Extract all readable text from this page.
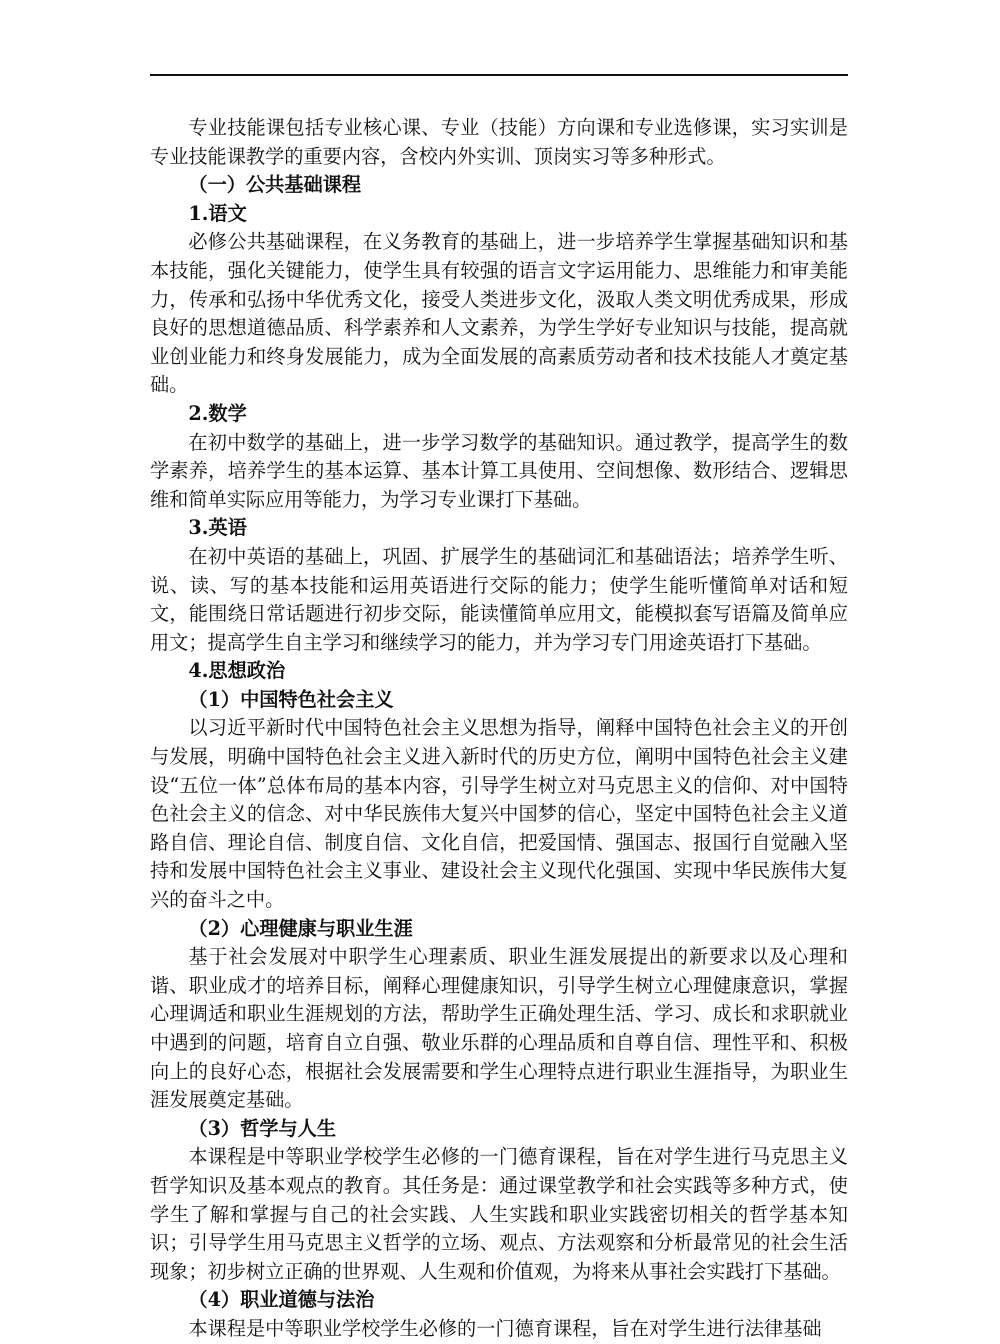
专业技能课包括专业核心课、专业（技能）方向课和专业选修课，实习实训是专业技能课教学的重要内容，含校内外实训、顶岗实习等多种形式。

（一）公共基础课程
1.语文

必修公共基础课程，在义务教育的基础上，进一步培养学生掌握基础知识和基本技能，强化关键能力，使学生具有较强的语言文字运用能力、思维能力和审美能力，传承和弘扬中华优秀文化，接受人类进步文化，汲取人类文明优秀成果，形成良好的思想道德品质、科学素养和人文素养，为学生学好专业知识与技能，提高就业创业能力和终身发展能力，成为全面发展的高素质劳动者和技术技能人才奠定基础。

2.数学

在初中数学的基础上，进一步学习数学的基础知识。通过教学，提高学生的数学素养，培养学生的基本运算、基本计算工具使用、空间想像、数形结合、逻辑思维和简单实际应用等能力，为学习专业课打下基础。

3.英语

在初中英语的基础上，巩固、扩展学生的基础词汇和基础语法；培养学生听、说、读、写的基本技能和运用英语进行交际的能力；使学生能听懂简单对话和短文，能围绕日常话题进行初步交际，能读懂简单应用文，能模拟套写语篇及简单应用文；提高学生自主学习和继续学习的能力，并为学习专门用途英语打下基础。

4.思想政治
（1）中国特色社会主义

以习近平新时代中国特色社会主义思想为指导，阐释中国特色社会主义的开创与发展，明确中国特色社会主义进入新时代的历史方位，阐明中国特色社会主义建设“五位一体”总体布局的基本内容，引导学生树立对马克思主义的信仰、对中国特色社会主义的信念、对中华民族伟大复兴中国梦的信心，坚定中国特色社会主义道路自信、理论自信、制度自信、文化自信，把爱国情、强国志、报国行自觉融入坚持和发展中国特色社会主义事业、建设社会主义现代化强国、实现中华民族伟大复兴的奋斗之中。

（2）心理健康与职业生涯

基于社会发展对中职学生心理素质、职业生涯发展提出的新要求以及心理和谐、职业成才的培养目标，阐释心理健康知识，引导学生树立心理健康意识，掌握心理调适和职业生涯规划的方法，帮助学生正确处理生活、学习、成长和求职就业中遇到的问题，培育自立自强、敬业乐群的心理品质和自尊自信、理性平和、积极向上的良好心态，根据社会发展需要和学生心理特点进行职业生涯指导，为职业生涯发展奠定基础。

（3）哲学与人生

本课程是中等职业学校学生必修的一门德育课程，旨在对学生进行马克思主义哲学知识及基本观点的教育。其任务是：通过课堂教学和社会实践等多种方式，使学生了解和掌握与自己的社会实践、人生实践和职业实践密切相关的哲学基本知识；引导学生用马克思主义哲学的立场、观点、方法观察和分析最常见的社会生活现象；初步树立正确的世界观、人生观和价值观，为将来从事社会实践打下基础。

（4）职业道德与法治

本课程是中等职业学校学生必修的一门德育课程，旨在对学生进行法律基础
